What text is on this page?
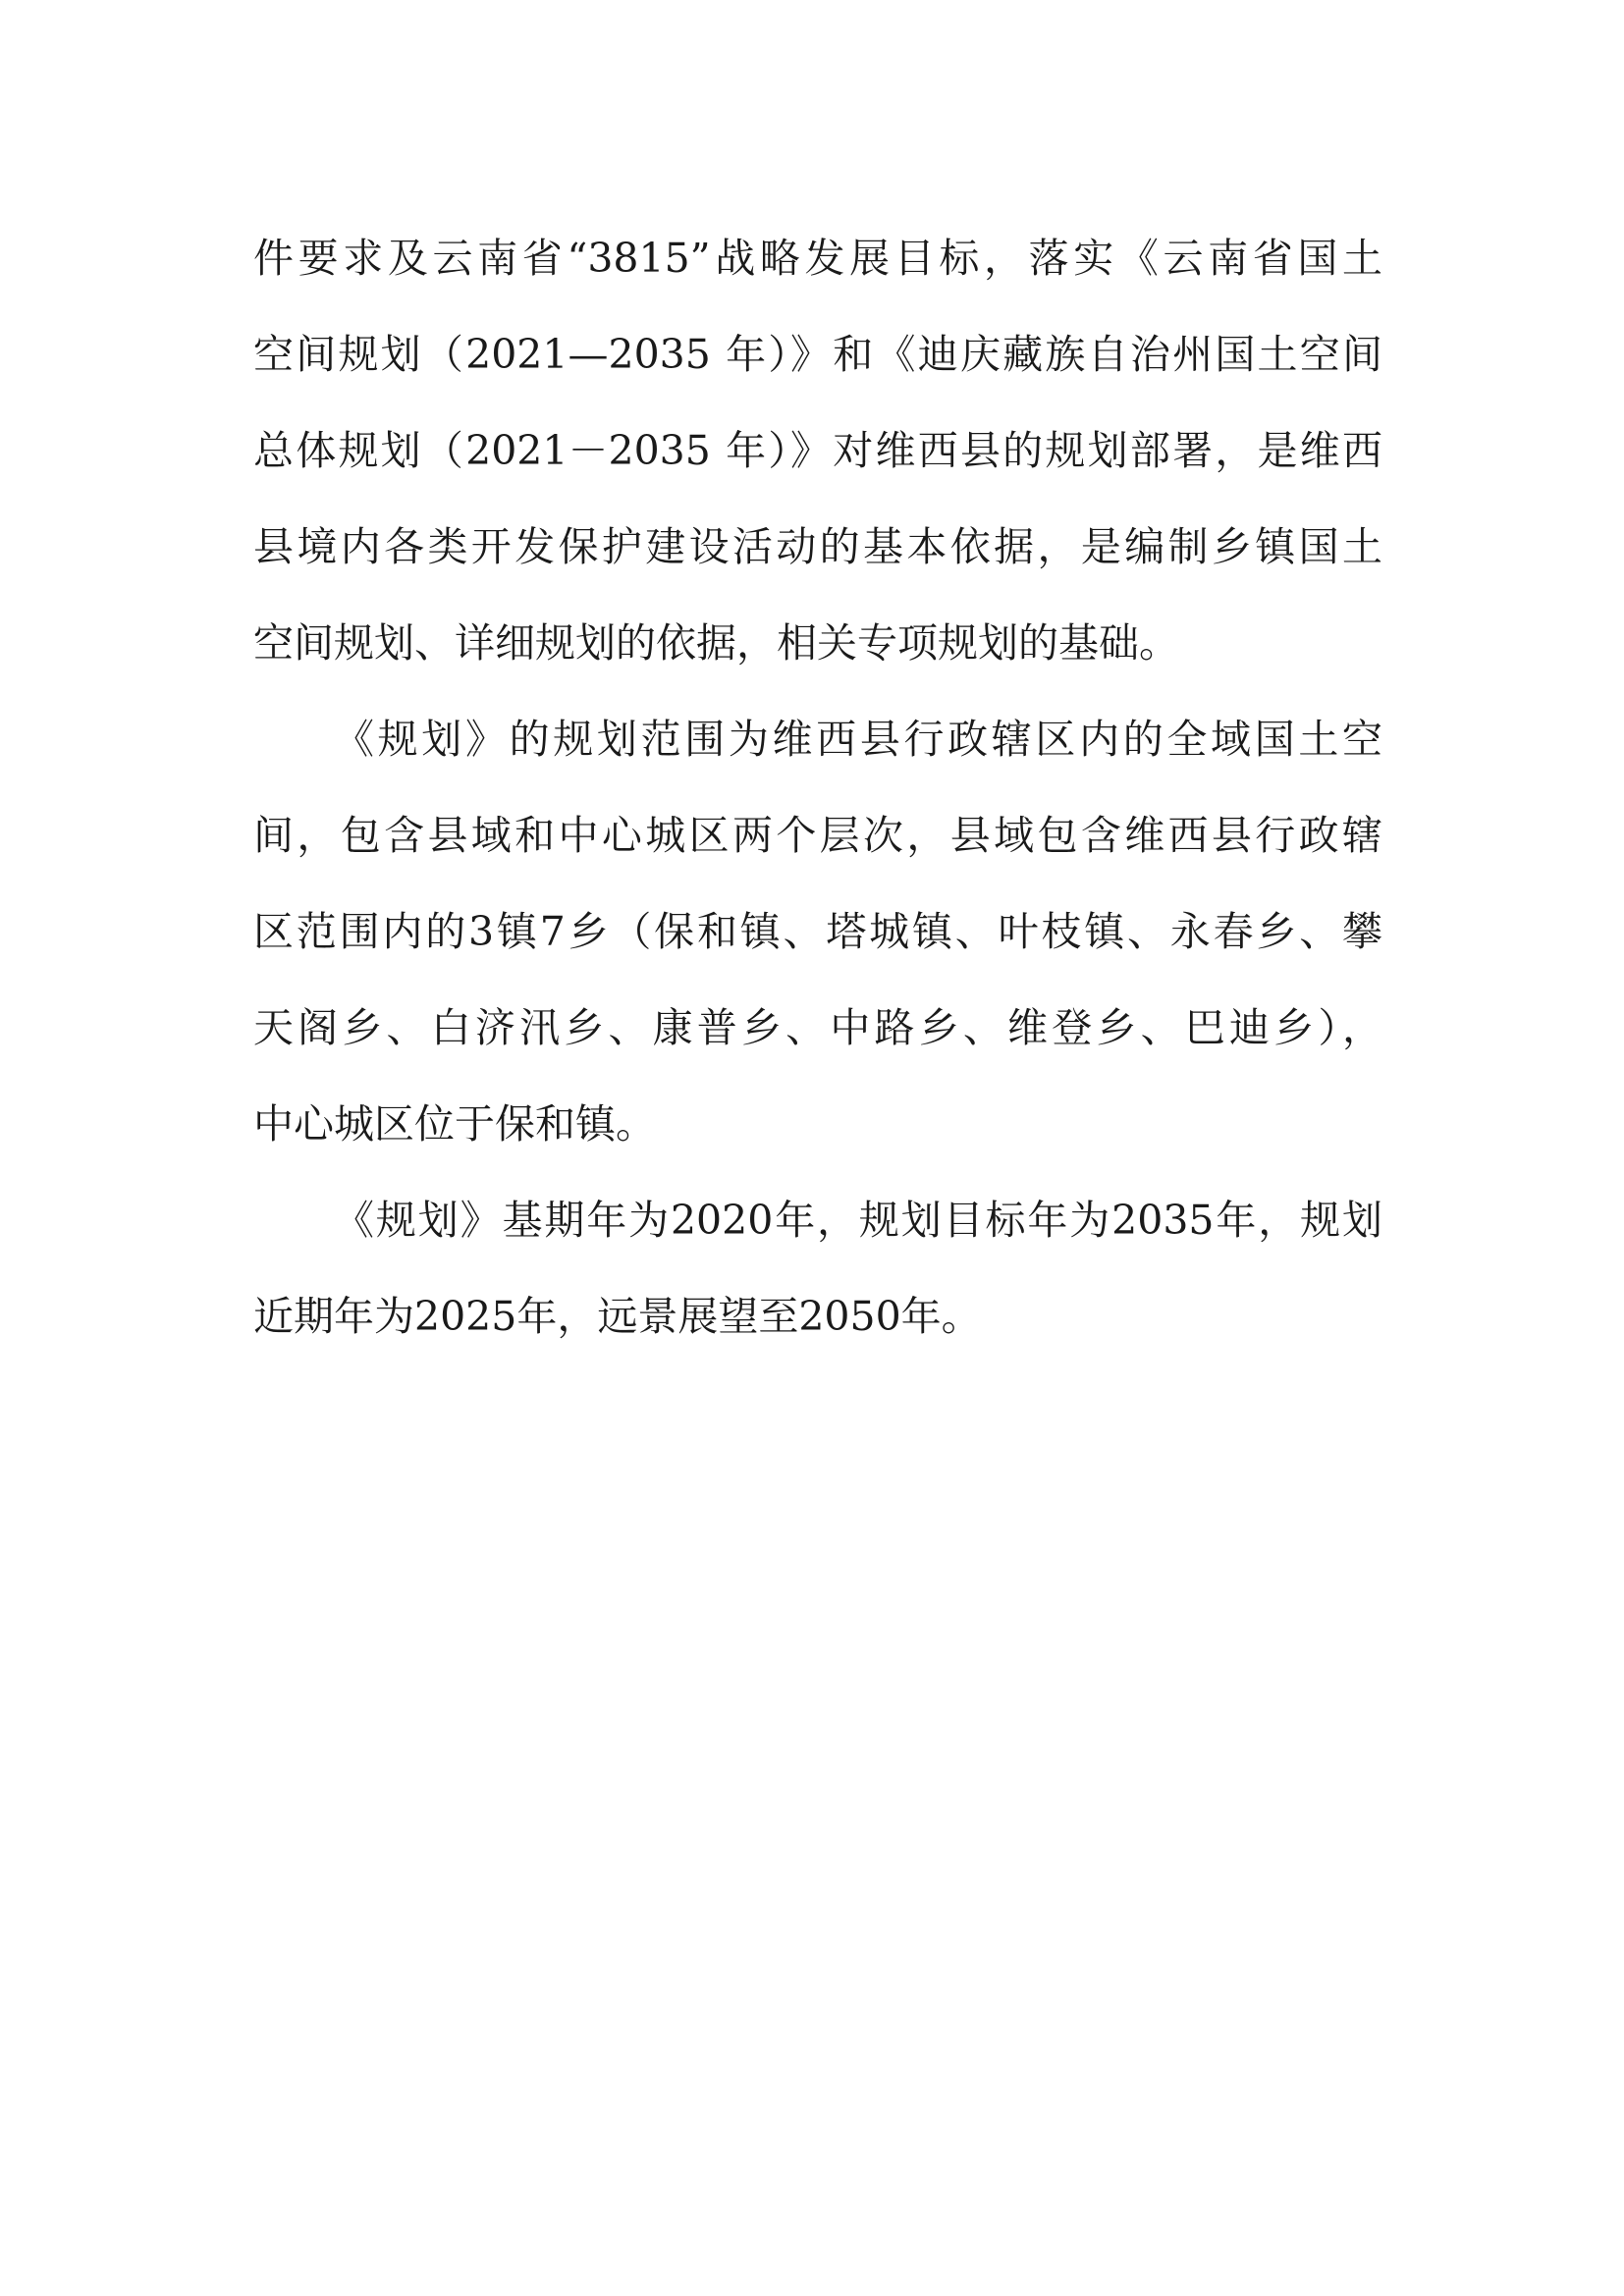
件要求及云南省“3815”战略发展目标，落实《云南省国土
空间规划（2021—2035 年）》和《迪庆藏族自治州国土空间
总体规划（2021－2035 年）》对维西县的规划部署，是维西
县境内各类开发保护建设活动的基本依据，是编制乡镇国土
空间规划、详细规划的依据，相关专项规划的基础。

《规划》的规划范围为维西县行政辖区内的全域国土空
间，包含县域和中心城区两个层次，县域包含维西县行政辖
区范围内的3镇7乡（保和镇、塔城镇、叶枝镇、永春乡、攀
天阁乡、白济汛乡、康普乡、中路乡、维登乡、巴迪乡），
中心城区位于保和镇。

《规划》基期年为2020年，规划目标年为2035年，规划
近期年为2025年，远景展望至2050年。
